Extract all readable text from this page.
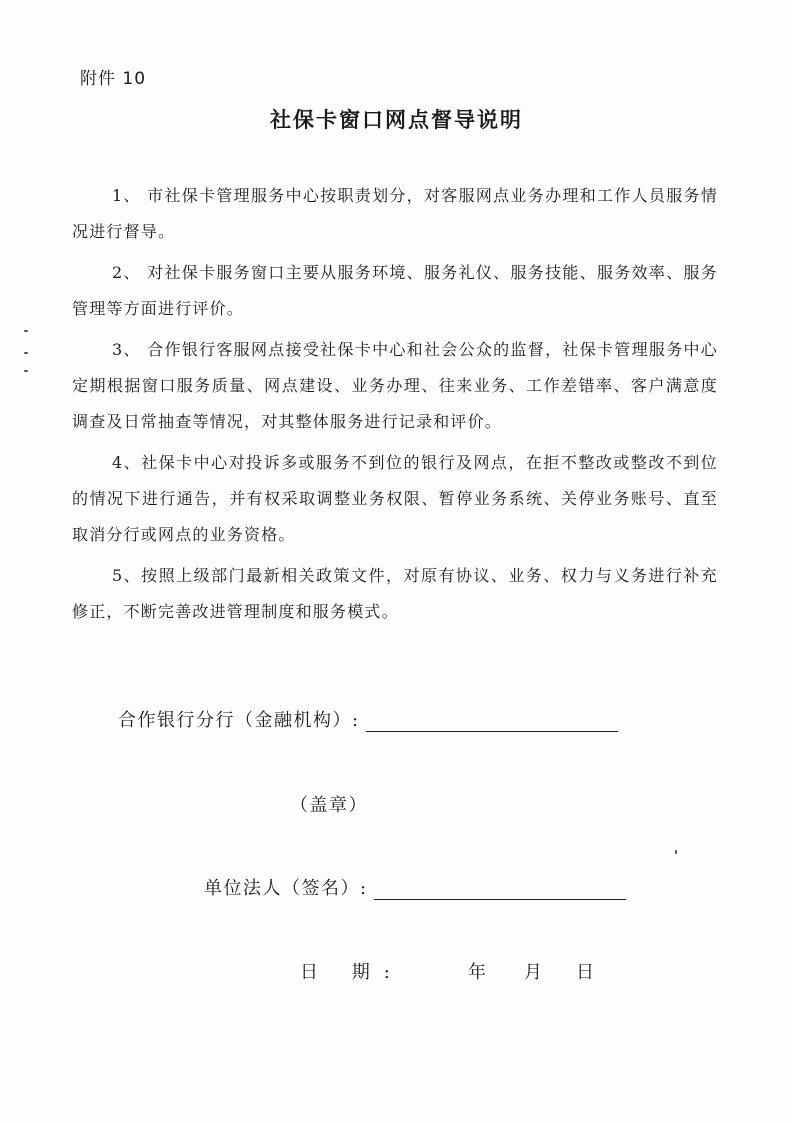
附件 10
社保卡窗口网点督导说明

1、 市社保卡管理服务中心按职责划分，对客服网点业务办理和工作人员服务情况进行督导。

2、 对社保卡服务窗口主要从服务环境、服务礼仪、服务技能、服务效率、服务管理等方面进行评价。

3、 合作银行客服网点接受社保卡中心和社会公众的监督，社保卡管理服务中心定期根据窗口服务质量、网点建设、业务办理、往来业务、工作差错率、客户满意度调查及日常抽查等情况，对其整体服务进行记录和评价。

4、社保卡中心对投诉多或服务不到位的银行及网点，在拒不整改或整改不到位的情况下进行通告，并有权采取调整业务权限、暂停业务系统、关停业务账号、直至取消分行或网点的业务资格。

5、按照上级部门最新相关政策文件，对原有协议、业务、权力与义务进行补充修正，不断完善改进管理制度和服务模式。

合作银行分行（金融机构）:
（盖章）
单位法人（签名）:
日 期:	年 月 日
